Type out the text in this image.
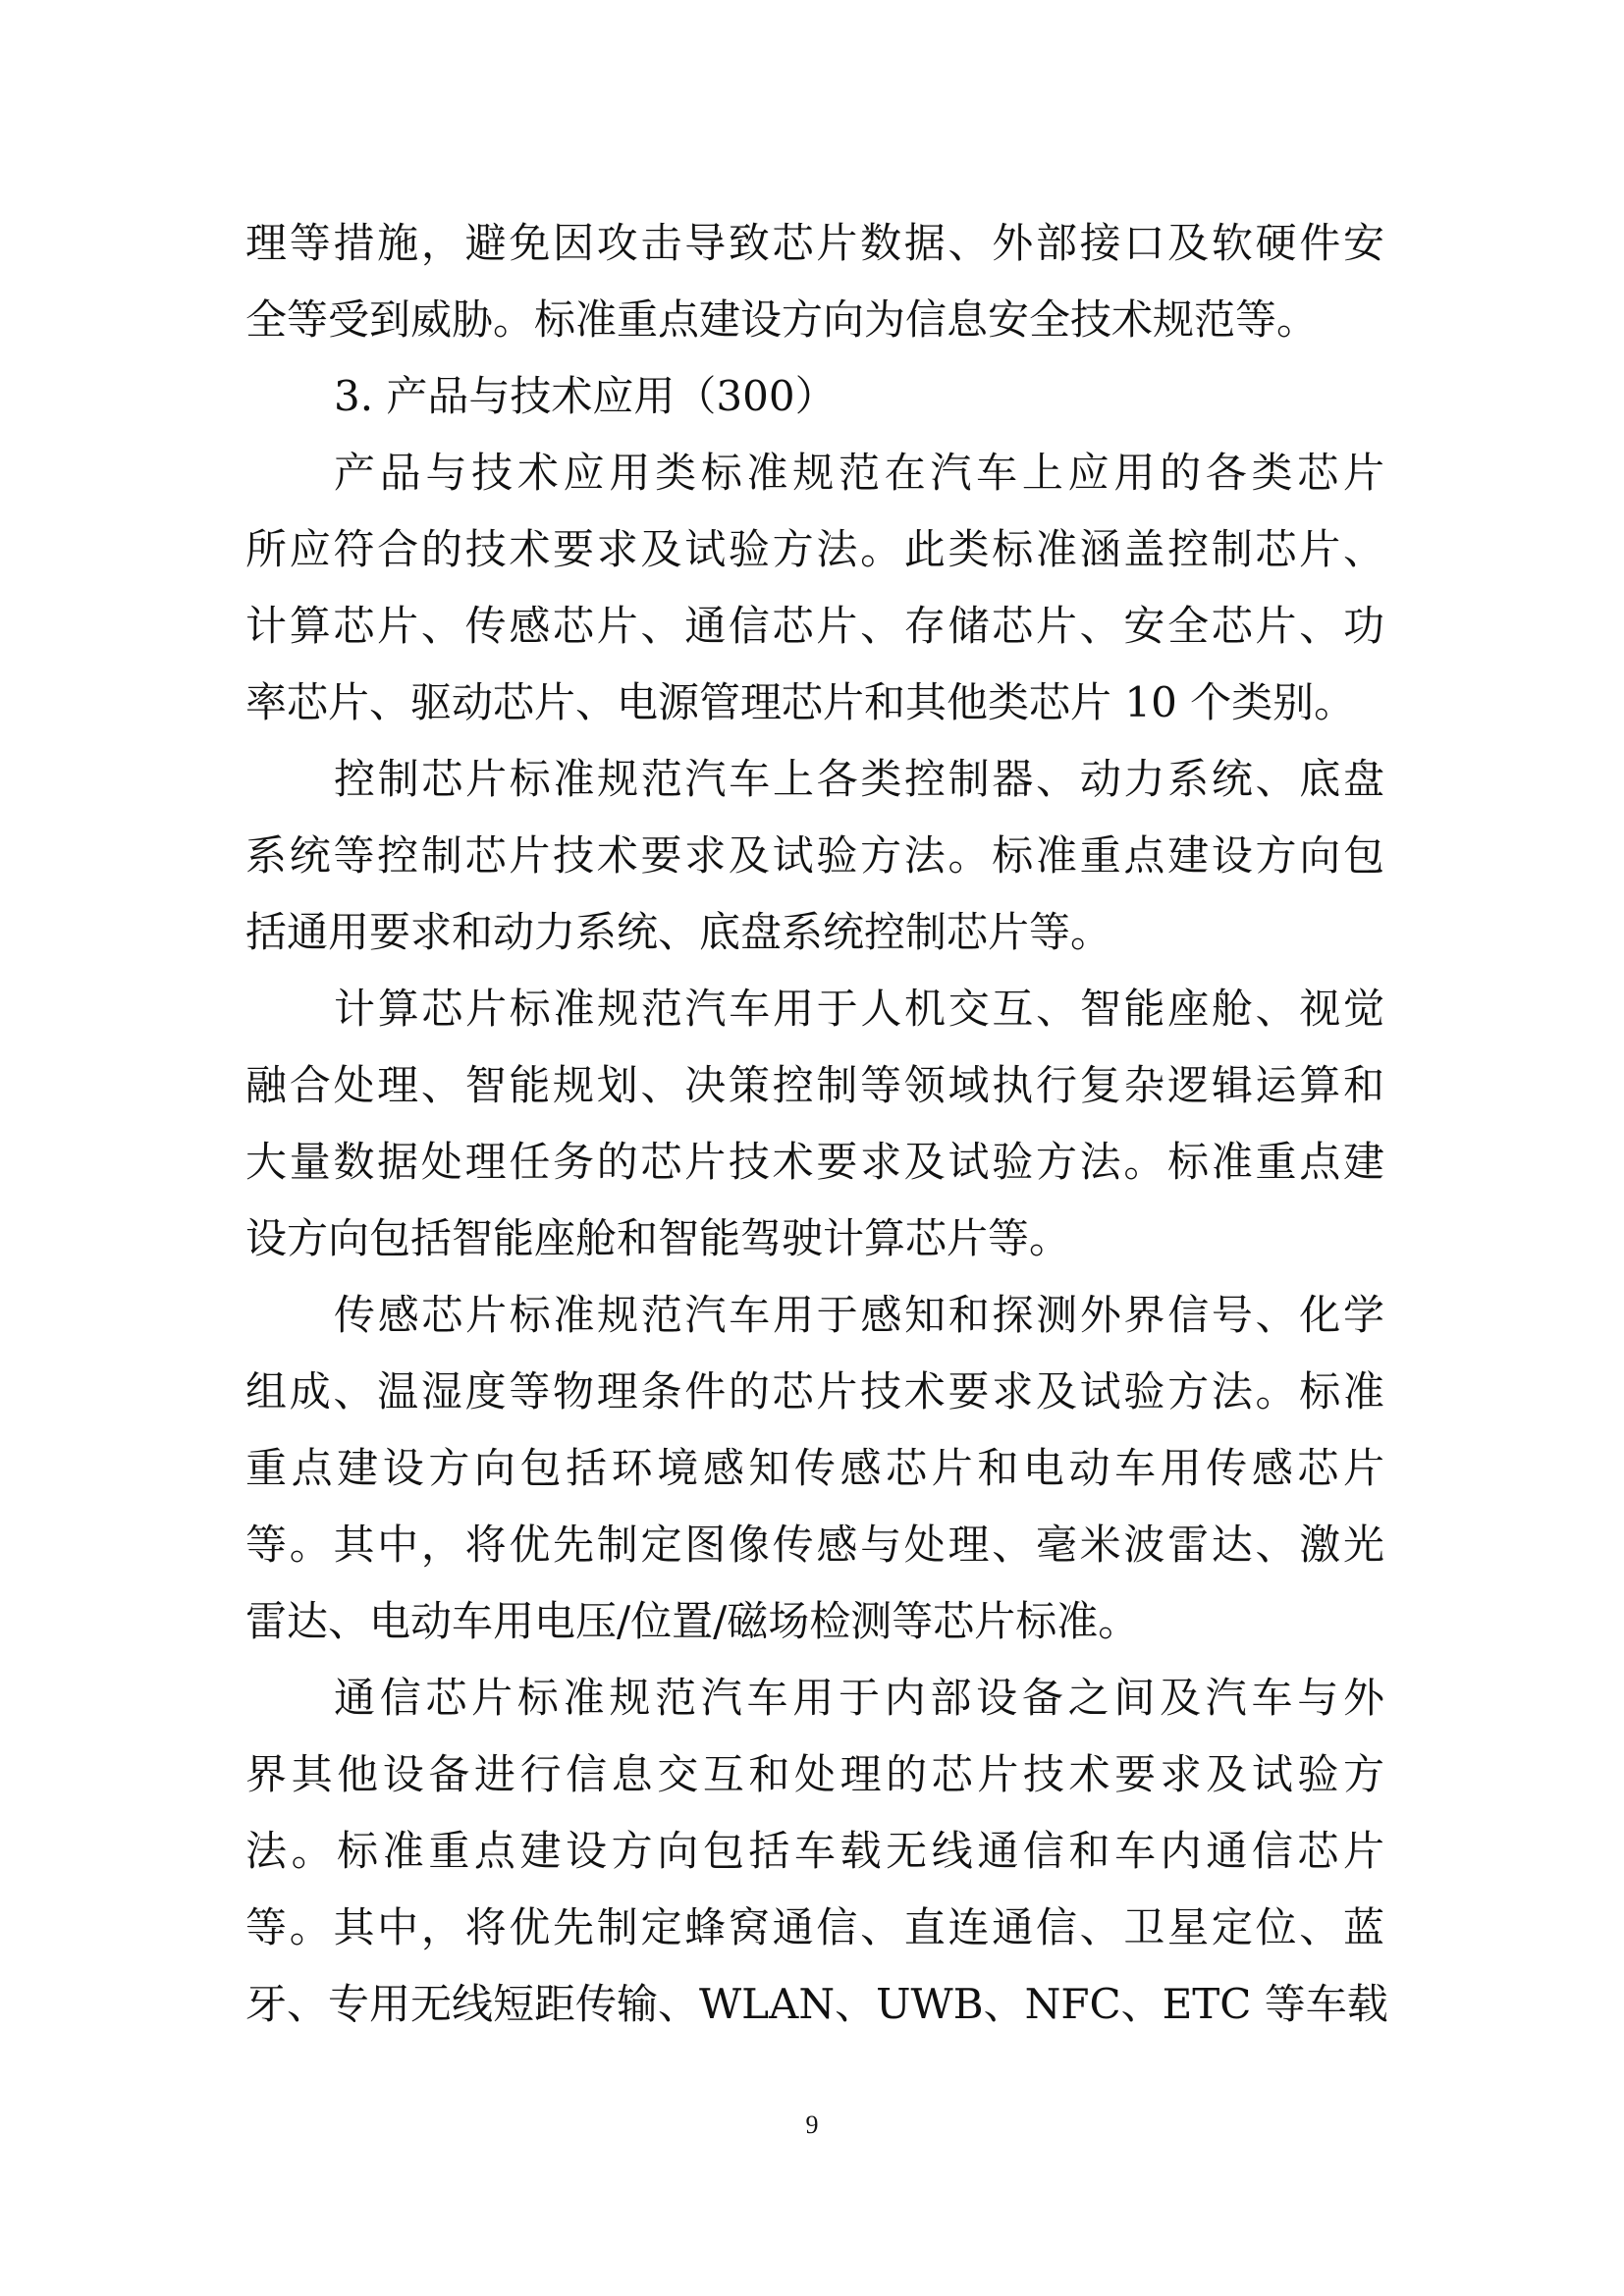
理等措施，避免因攻击导致芯片数据、外部接口及软硬件安
全等受到威胁。标准重点建设方向为信息安全技术规范等。
3. 产品与技术应用（300）
产品与技术应用类标准规范在汽车上应用的各类芯片
所应符合的技术要求及试验方法。此类标准涵盖控制芯片、
计算芯片、传感芯片、通信芯片、存储芯片、安全芯片、功
率芯片、驱动芯片、电源管理芯片和其他类芯片 10 个类别。
控制芯片标准规范汽车上各类控制器、动力系统、底盘
系统等控制芯片技术要求及试验方法。标准重点建设方向包
括通用要求和动力系统、底盘系统控制芯片等。
计算芯片标准规范汽车用于人机交互、智能座舱、视觉
融合处理、智能规划、决策控制等领域执行复杂逻辑运算和
大量数据处理任务的芯片技术要求及试验方法。标准重点建
设方向包括智能座舱和智能驾驶计算芯片等。
传感芯片标准规范汽车用于感知和探测外界信号、化学
组成、温湿度等物理条件的芯片技术要求及试验方法。标准
重点建设方向包括环境感知传感芯片和电动车用传感芯片
等。其中，将优先制定图像传感与处理、毫米波雷达、激光
雷达、电动车用电压/位置/磁场检测等芯片标准。
通信芯片标准规范汽车用于内部设备之间及汽车与外
界其他设备进行信息交互和处理的芯片技术要求及试验方
法。标准重点建设方向包括车载无线通信和车内通信芯片
等。其中，将优先制定蜂窝通信、直连通信、卫星定位、蓝
牙、专用无线短距传输、WLAN、UWB、NFC、ETC 等车载
9
